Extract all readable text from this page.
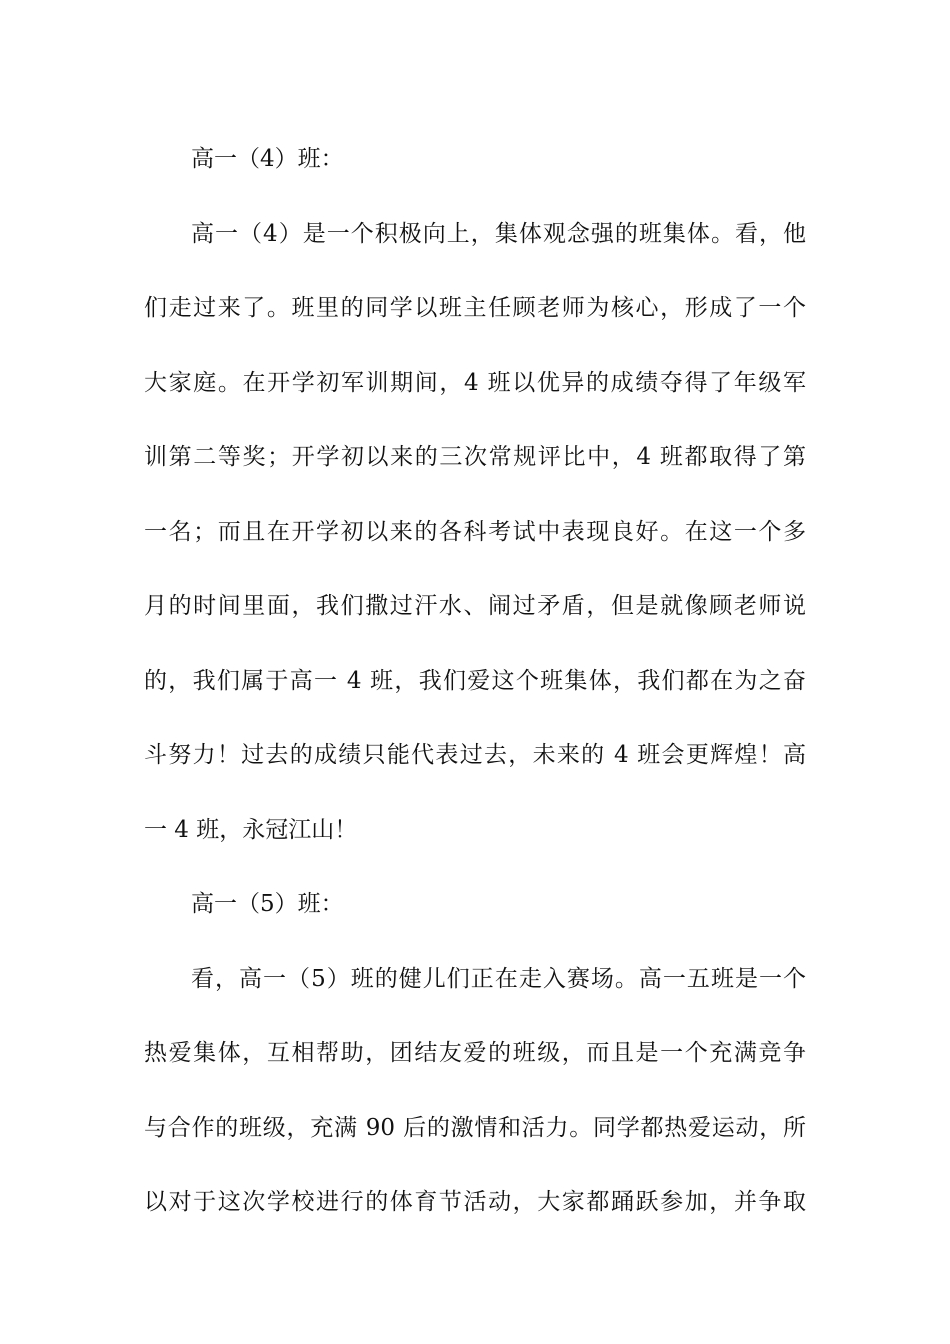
高一（4）班：
高一（4）是一个积极向上，集体观念强的班集体。看，他
们走过来了。班里的同学以班主任顾老师为核心，形成了一个
大家庭。在开学初军训期间，4 班以优异的成绩夺得了年级军
训第二等奖；开学初以来的三次常规评比中，4 班都取得了第
一名；而且在开学初以来的各科考试中表现良好。在这一个多
月的时间里面，我们撒过汗水、闹过矛盾，但是就像顾老师说
的，我们属于高一 4 班，我们爱这个班集体，我们都在为之奋
斗努力！过去的成绩只能代表过去，未来的 4 班会更辉煌！高
一 4 班，永冠江山！
高一（5）班：
看，高一（5）班的健儿们正在走入赛场。高一五班是一个
热爱集体，互相帮助，团结友爱的班级，而且是一个充满竞争
与合作的班级，充满 90 后的激情和活力。同学都热爱运动，所
以对于这次学校进行的体育节活动，大家都踊跃参加，并争取
